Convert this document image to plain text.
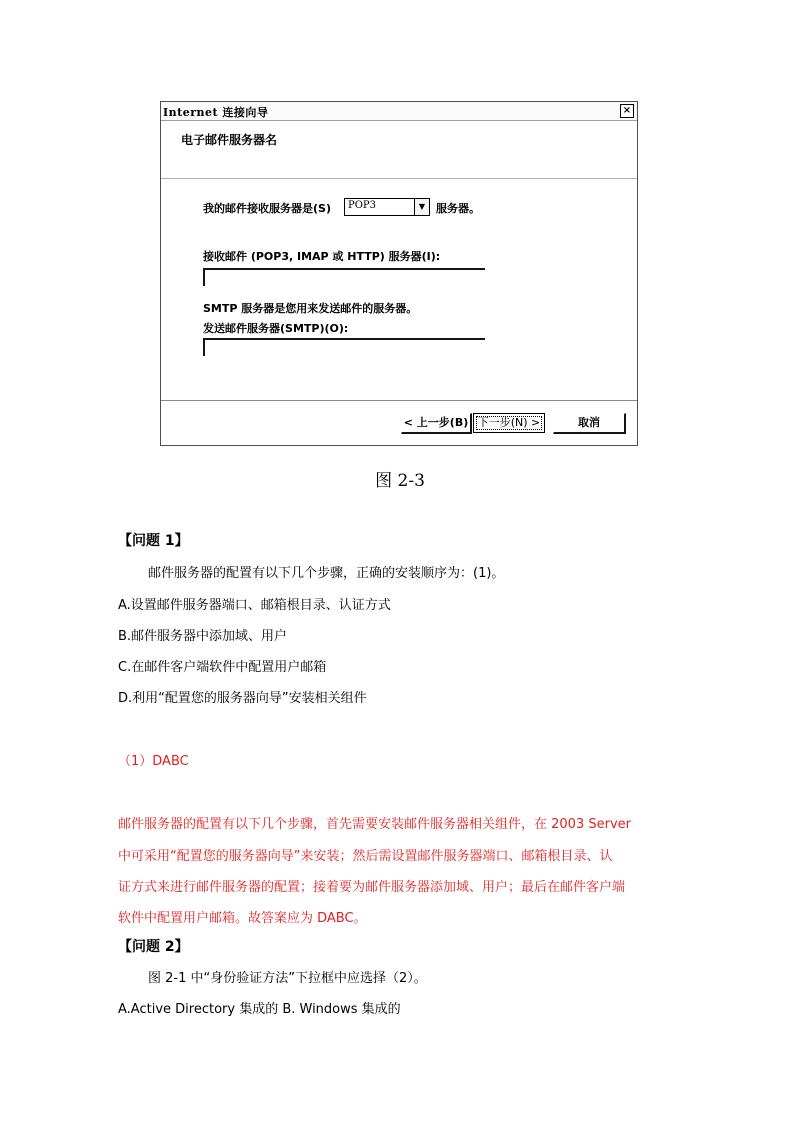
Internet 连接向导	×
电子邮件服务器名
我的邮件接收服务器是(S) POP3	▼ 服务器。
接收邮件 (POP3, IMAP 或 HTTP) 服务器(I):
SMTP 服务器是您用来发送邮件的服务器。
发送邮件服务器(SMTP)(O):
< 上一步(B) 下一步(N) >	取消
图 2-3
【问题 1】
邮件服务器的配置有以下几个步骤，正确的安装顺序为：(1)。
A.设置邮件服务器端口、邮箱根目录、认证方式
B.邮件服务器中添加域、用户
C.在邮件客户端软件中配置用户邮箱
D.利用“配置您的服务器向导”安装相关组件
（1）DABC
邮件服务器的配置有以下几个步骤，首先需要安装邮件服务器相关组件，在 2003 Server
中可采用“配置您的服务器向导”来安装；然后需设置邮件服务器端口、邮箱根目录、认
证方式来进行邮件服务器的配置；接着要为邮件服务器添加域、用户；最后在邮件客户端
软件中配置用户邮箱。故答案应为 DABC。
【问题 2】
图 2-1 中“身份验证方法”下拉框中应选择（2）。
A.Active Directory 集成的 B. Windows 集成的
